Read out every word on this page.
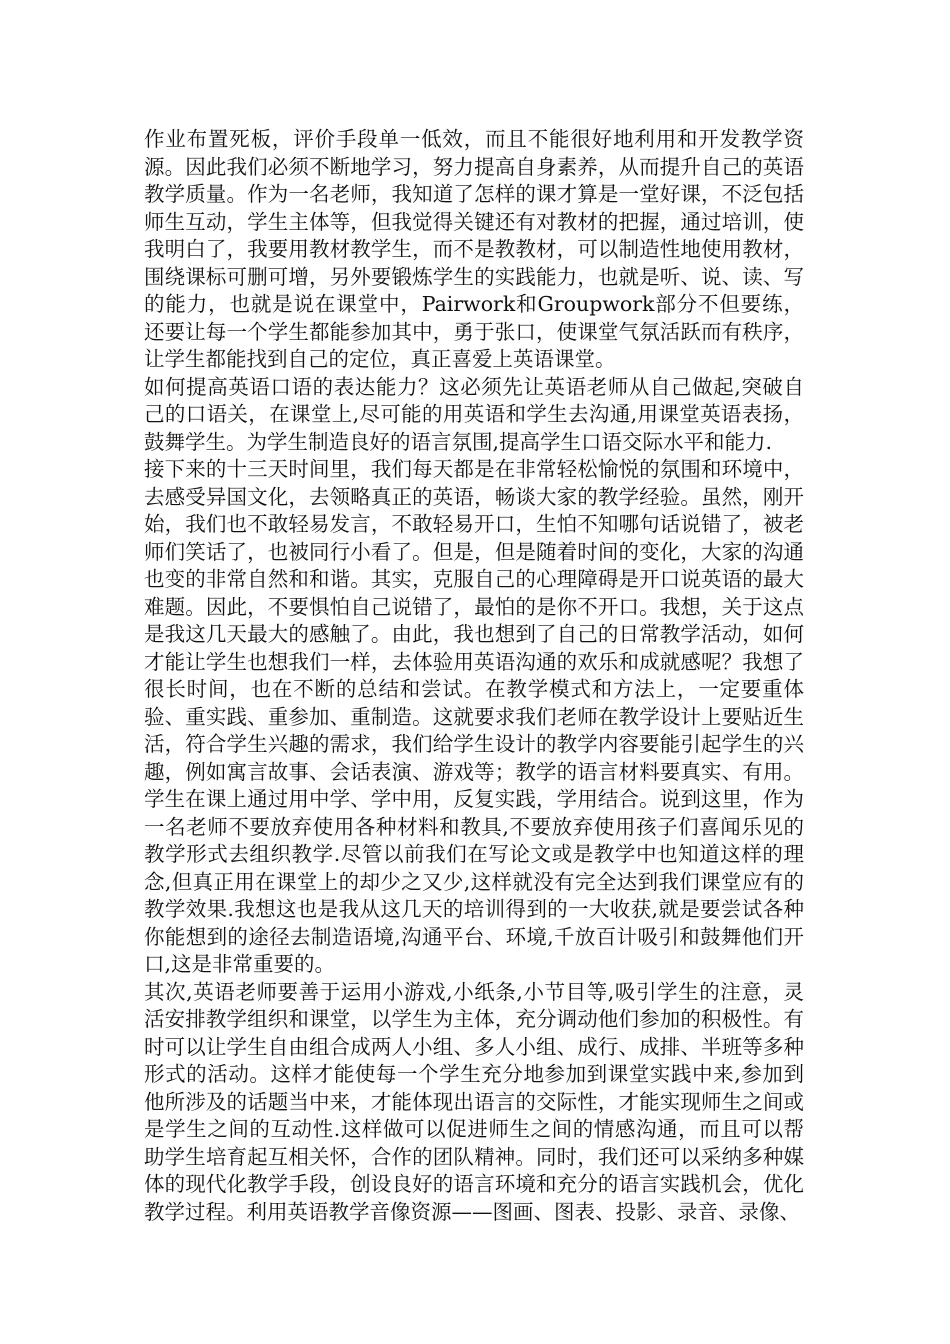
作业布置死板，评价手段单一低效，而且不能很好地利用和开发教学资源。因此我们必须不断地学习，努力提高自身素养，从而提升自己的英语教学质量。作为一名老师，我知道了怎样的课才算是一堂好课，不泛包括师生互动，学生主体等，但我觉得关键还有对教材的把握，通过培训，使我明白了，我要用教材教学生，而不是教教材，可以制造性地使用教材，围绕课标可删可增，另外要锻炼学生的实践能力，也就是听、说、读、写的能力，也就是说在课堂中，Pairwork和Groupwork部分不但要练，还要让每一个学生都能参加其中，勇于张口，使课堂气氛活跃而有秩序，让学生都能找到自己的定位，真正喜爱上英语课堂。

如何提高英语口语的表达能力？这必须先让英语老师从自己做起,突破自己的口语关，在课堂上,尽可能的用英语和学生去沟通,用课堂英语表扬，鼓舞学生。为学生制造良好的语言氛围,提高学生口语交际水平和能力.

接下来的十三天时间里，我们每天都是在非常轻松愉悦的氛围和环境中，去感受异国文化，去领略真正的英语，畅谈大家的教学经验。虽然，刚开始，我们也不敢轻易发言，不敢轻易开口，生怕不知哪句话说错了，被老师们笑话了，也被同行小看了。但是，但是随着时间的变化，大家的沟通也变的非常自然和和谐。其实，克服自己的心理障碍是开口说英语的最大难题。因此，不要惧怕自己说错了，最怕的是你不开口。我想，关于这点是我这几天最大的感触了。由此，我也想到了自己的日常教学活动，如何才能让学生也想我们一样，去体验用英语沟通的欢乐和成就感呢？我想了很长时间，也在不断的总结和尝试。在教学模式和方法上，一定要重体验、重实践、重参加、重制造。这就要求我们老师在教学设计上要贴近生活，符合学生兴趣的需求，我们给学生设计的教学内容要能引起学生的兴趣，例如寓言故事、会话表演、游戏等；教学的语言材料要真实、有用。学生在课上通过用中学、学中用，反复实践，学用结合。说到这里，作为一名老师不要放弃使用各种材料和教具,不要放弃使用孩子们喜闻乐见的教学形式去组织教学.尽管以前我们在写论文或是教学中也知道这样的理念,但真正用在课堂上的却少之又少,这样就没有完全达到我们课堂应有的教学效果.我想这也是我从这几天的培训得到的一大收获,就是要尝试各种你能想到的途径去制造语境,沟通平台、环境,千放百计吸引和鼓舞他们开口,这是非常重要的。

其次,英语老师要善于运用小游戏,小纸条,小节目等,吸引学生的注意，灵活安排教学组织和课堂，以学生为主体，充分调动他们参加的积极性。有时可以让学生自由组合成两人小组、多人小组、成行、成排、半班等多种形式的活动。这样才能使每一个学生充分地参加到课堂实践中来,参加到他所涉及的话题当中来，才能体现出语言的交际性，才能实现师生之间或是学生之间的互动性.这样做可以促进师生之间的情感沟通，而且可以帮助学生培育起互相关怀，合作的团队精神。同时，我们还可以采纳多种媒体的现代化教学手段，创设良好的语言环境和充分的语言实践机会，优化教学过程。利用英语教学音像资源——图画、图表、投影、录音、录像、
